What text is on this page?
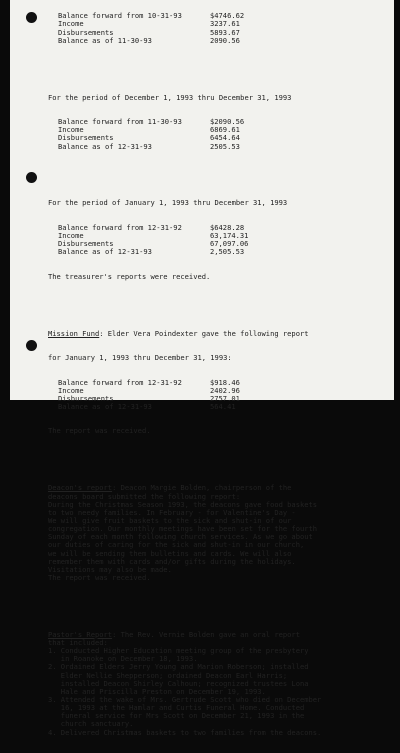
Balance forward from 10-31-93	$4746.62
Income	3237.61
Disbursements	5893.67
Balance as of 11-30-93	2090.56

For the period of December 1, 1993 thru December 31, 1993

Balance forward from 11-30-93	$2090.56
Income	6869.61
Disbursements	6454.64
Balance as of 12-31-93	2505.53

For the period of January 1, 1993 thru December 31, 1993

Balance forward from 12-31-92	$6428.28
Income	63,174.31
Disbursements	67,097.06
Balance as of 12-31-93	2,505.53

The treasurer's reports were received.

Mission Fund: Elder Vera Poindexter gave the following report

for January 1, 1993 thru December 31, 1993:

Balance forward from 12-31-92	$918.46
Income	2402.96
Disbursements	2757.01
Balance as of 12-31-93	564.41

The report was received.

Deacon's report: Deacon Margie Bolden, chairperson of the
deacons board submitted the following report:
During the Christmas Season 1993, the deacons gave food baskets
to two needy families. In February - for Valentine's Day -
We will give fruit baskets to the sick and shut-in of our
congregation. Our monthly meetings have been set for the fourth
Sunday of each month following church services. As we go about
our duties of caring for the sick and shut-in in our church,
we will be sending them bulletins and cards. We will also
remember them with cards and/or gifts during the holidays.
Visitations may also be made.
The report was received.

Pastor's Report: The Rev. Vernie Bolden gave an oral report
that included:
1. Conducted Higher Education meeting group of the presbytery
in Roanoke on December 18, 1993.
2. Ordained Elders Jerry Young and Marion Roberson; installed
Elder Nellie Shepperson; ordained Deacon Earl Harris;
installed Deacon Shirley Calhoun; recognized trustees Lona
Hale and Priscilla Preston on December 19, 1993.
3. Attended the wake of Mrs. Gertrude Scott who died on December
16, 1993 at the Hamlar and Curtis Funeral Home. Conducted
funeral service for Mrs Scott on December 21, 1993 in the
church sanctuary.
4. Delivered Christmas baskets to two families from the deacons.
